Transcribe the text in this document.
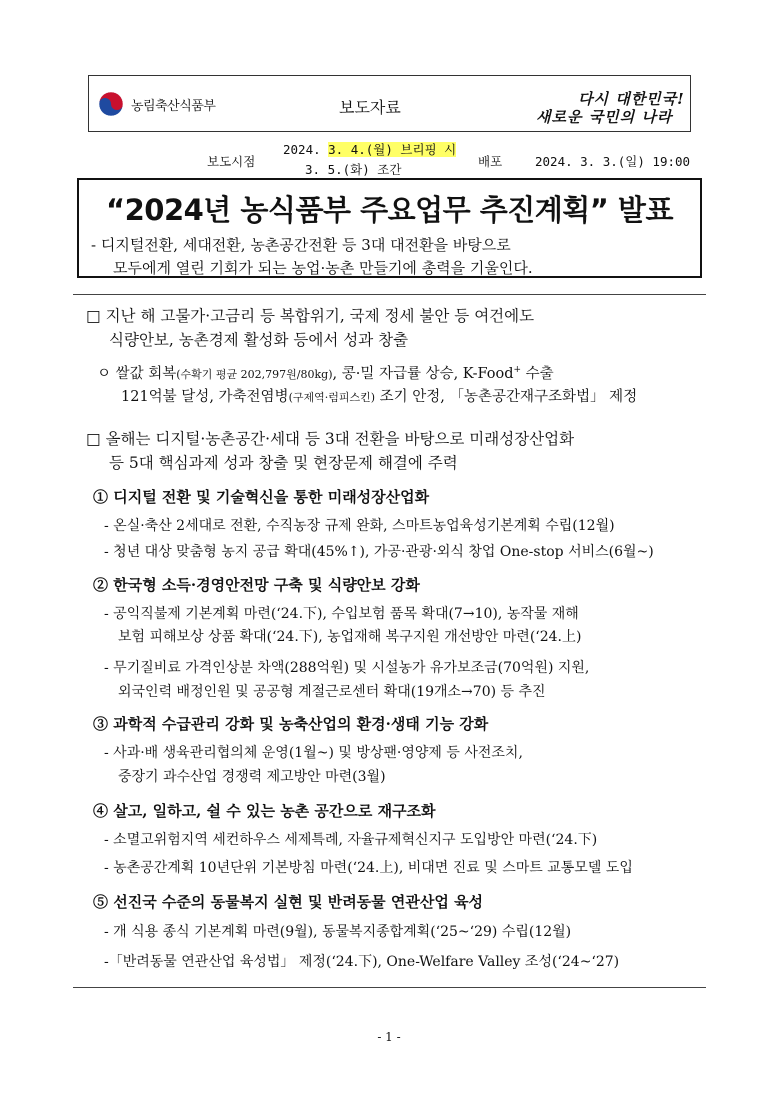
농림축산식품부	보도자료	다시 대한민국!
새로운 국민의 나라
보도시점
2024. 3. 4.(월) 브리핑 시
3. 5.(화) 조간
배포	2024. 3. 3.(일) 19:00
“2024년 농식품부 주요업무 추진계획” 발표
- 디지털전환, 세대전환, 농촌공간전환 등 3대 대전환을 바탕으로
모두에게 열린 기회가 되는 농업·농촌 만들기에 총력을 기울인다.
□ 지난 해 고물가·고금리 등 복합위기, 국제 정세 불안 등 여건에도
식량안보, 농촌경제 활성화 등에서 성과 창출
ㅇ 쌀값 회복(수확기 평균 202,797원/80kg), 콩·밀 자급률 상승, K-Food+ 수출
121억불 달성, 가축전염병(구제역·럼피스킨) 조기 안정, 「농촌공간재구조화법」 제정
□ 올해는 디지털·농촌공간·세대 등 3대 전환을 바탕으로 미래성장산업화
등 5대 핵심과제 성과 창출 및 현장문제 해결에 주력
① 디지털 전환 및 기술혁신을 통한 미래성장산업화
- 온실·축산 2세대로 전환, 수직농장 규제 완화, 스마트농업육성기본계획 수립(12월)
- 청년 대상 맞춤형 농지 공급 확대(45%↑), 가공·관광·외식 창업 One-stop 서비스(6월~)
② 한국형 소득·경영안전망 구축 및 식량안보 강화
- 공익직불제 기본계획 마련(‘24.下), 수입보험 품목 확대(7→10), 농작물 재해
보험 피해보상 상품 확대(‘24.下), 농업재해 복구지원 개선방안 마련(‘24.上)
- 무기질비료 가격인상분 차액(288억원) 및 시설농가 유가보조금(70억원) 지원,
외국인력 배정인원 및 공공형 계절근로센터 확대(19개소→70) 등 추진
③ 과학적 수급관리 강화 및 농축산업의 환경·생태 기능 강화
- 사과·배 생육관리협의체 운영(1월~) 및 방상팬·영양제 등 사전조치,
중장기 과수산업 경쟁력 제고방안 마련(3월)
④ 살고, 일하고, 쉴 수 있는 농촌 공간으로 재구조화
- 소멸고위험지역 세컨하우스 세제특례, 자율규제혁신지구 도입방안 마련(‘24.下)
- 농촌공간계획 10년단위 기본방침 마련(‘24.上), 비대면 진료 및 스마트 교통모델 도입
⑤ 선진국 수준의 동물복지 실현 및 반려동물 연관산업 육성
- 개 식용 종식 기본계획 마련(9월), 동물복지종합계획(‘25~‘29) 수립(12월)
-「반려동물 연관산업 육성법」 제정(‘24.下), One-Welfare Valley 조성(‘24~‘27)
- 1 -
